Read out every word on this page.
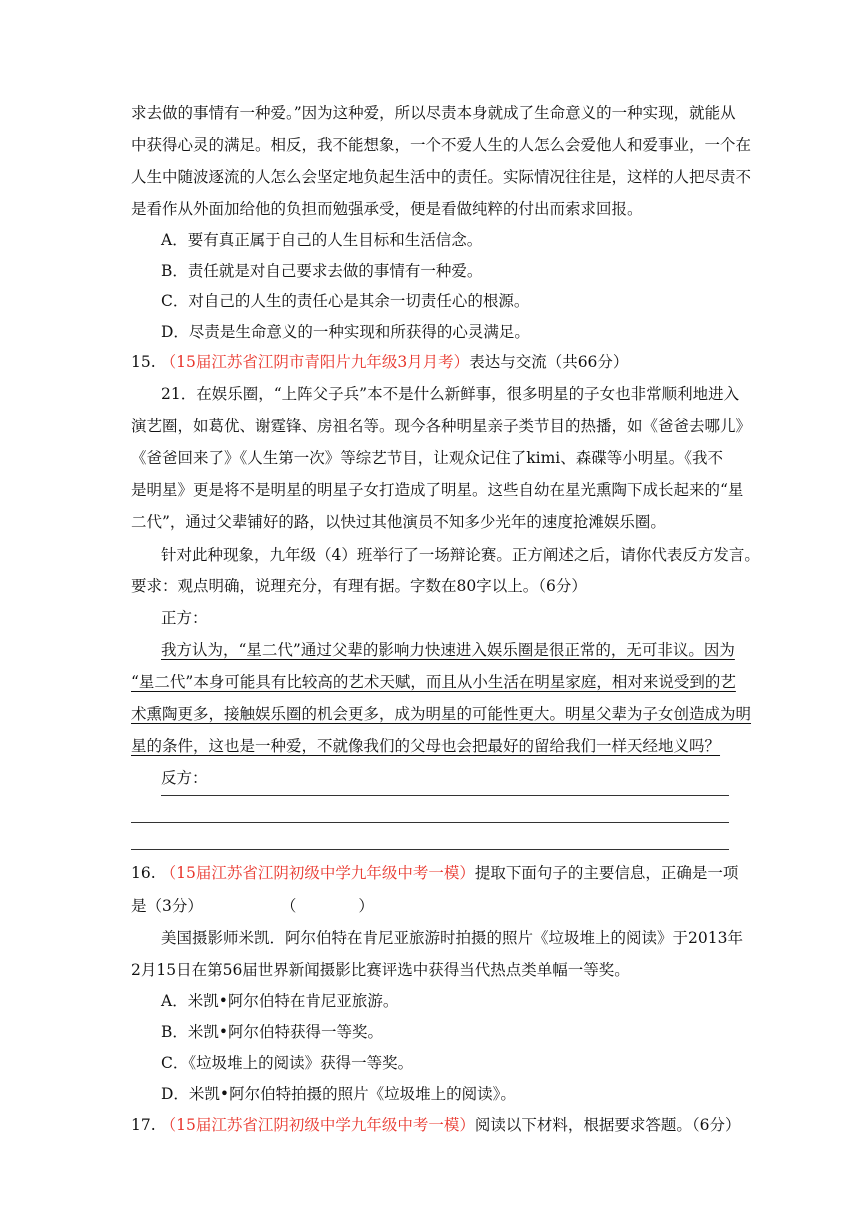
求去做的事情有一种爱。”因为这种爱，所以尽责本身就成了生命意义的一种实现，就能从
中获得心灵的满足。相反，我不能想象，一个不爱人生的人怎么会爱他人和爱事业，一个在
人生中随波逐流的人怎么会坚定地负起生活中的责任。实际情况往往是，这样的人把尽责不
是看作从外面加给他的负担而勉强承受，便是看做纯粹的付出而索求回报。
A．要有真正属于自己的人生目标和生活信念。
B．责任就是对自己要求去做的事情有一种爱。
C．对自己的人生的责任心是其余一切责任心的根源。
D．尽责是生命意义的一种实现和所获得的心灵满足。
15. （15届江苏省江阴市青阳片九年级3月月考）表达与交流（共66分）
21．在娱乐圈，“上阵父子兵”本不是什么新鲜事，很多明星的子女也非常顺利地进入
演艺圈，如葛优、谢霆锋、房祖名等。现今各种明星亲子类节目的热播，如《爸爸去哪儿》
《爸爸回来了》《人生第一次》等综艺节目，让观众记住了kimi、森碟等小明星。《我不
是明星》更是将不是明星的明星子女打造成了明星。这些自幼在星光熏陶下成长起来的“星
二代”，通过父辈铺好的路，以快过其他演员不知多少光年的速度抢滩娱乐圈。
针对此种现象，九年级（4）班举行了一场辩论赛。正方阐述之后，请你代表反方发言。
要求：观点明确，说理充分，有理有据。字数在80字以上。（6分）
正方：
我方认为，“星二代”通过父辈的影响力快速进入娱乐圈是很正常的，无可非议。因为
“星二代”本身可能具有比较高的艺术天赋，而且从小生活在明星家庭，相对来说受到的艺
术熏陶更多，接触娱乐圈的机会更多，成为明星的可能性更大。明星父辈为子女创造成为明
星的条件，这也是一种爱，不就像我们的父母也会把最好的留给我们一样天经地义吗？
反方：
16. （15届江苏省江阴初级中学九年级中考一模）提取下面句子的主要信息，正确是一项
是（3分）	（　　　　）
美国摄影师米凯．阿尔伯特在肯尼亚旅游时拍摄的照片《垃圾堆上的阅读》于2013年
2月15日在第56届世界新闻摄影比赛评选中获得当代热点类单幅一等奖。
A．米凯•阿尔伯特在肯尼亚旅游。
B．米凯•阿尔伯特获得一等奖。
C．《垃圾堆上的阅读》获得一等奖。
D．米凯•阿尔伯特拍摄的照片《垃圾堆上的阅读》。
17. （15届江苏省江阴初级中学九年级中考一模）阅读以下材料，根据要求答题。（6分）
